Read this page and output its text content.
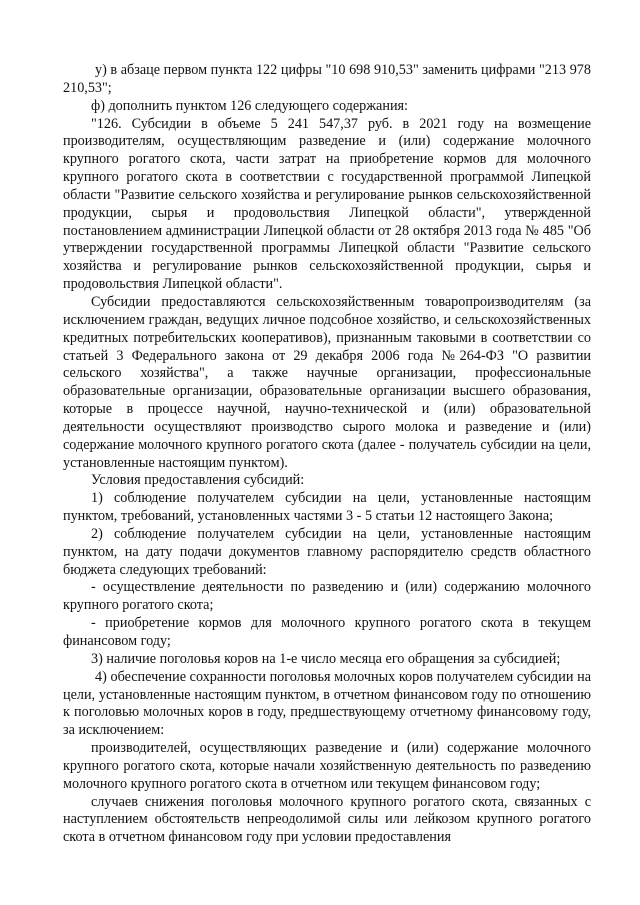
у) в абзаце первом пункта 122 цифры "10 698 910,53" заменить цифрами "213 978 210,53";

ф) дополнить пунктом 126 следующего содержания:

"126. Субсидии в объеме 5 241 547,37 руб. в 2021 году на возмещение производителям, осуществляющим разведение и (или) содержание молочного крупного рогатого скота, части затрат на приобретение кормов для молочного крупного рогатого скота в соответствии с государственной программой Липецкой области "Развитие сельского хозяйства и регулирование рынков сельскохозяйственной продукции, сырья и продовольствия Липецкой области", утвержденной постановлением администрации Липецкой области от 28 октября 2013 года № 485 "Об утверждении государственной программы Липецкой области "Развитие сельского хозяйства и регулирование рынков сельскохозяйственной продукции, сырья и продовольствия Липецкой области".

Субсидии предоставляются сельскохозяйственным товаропроизводителям (за исключением граждан, ведущих личное подсобное хозяйство, и сельскохозяйственных кредитных потребительских кооперативов), признанным таковыми в соответствии со статьей 3 Федерального закона от 29 декабря 2006 года №264-ФЗ "О развитии сельского хозяйства", а также научные организации, профессиональные образовательные организации, образовательные организации высшего образования, которые в процессе научной, научно-технической и (или) образовательной деятельности осуществляют производство сырого молока и разведение и (или) содержание молочного крупного рогатого скота (далее - получатель субсидии на цели, установленные настоящим пунктом).

Условия предоставления субсидий:

1) соблюдение получателем субсидии на цели, установленные настоящим пунктом, требований, установленных частями 3 - 5 статьи 12 настоящего Закона;

2) соблюдение получателем субсидии на цели, установленные настоящим пунктом, на дату подачи документов главному распорядителю средств областного бюджета следующих требований:

- осуществление деятельности по разведению и (или) содержанию молочного крупного рогатого скота;

- приобретение кормов для молочного крупного рогатого скота в текущем финансовом году;

3) наличие поголовья коров на 1-е число месяца его обращения за субсидией;

4) обеспечение сохранности поголовья молочных коров получателем субсидии на цели, установленные настоящим пунктом, в отчетном финансовом году по отношению к поголовью молочных коров в году, предшествующему отчетному финансовому году, за исключением:

производителей, осуществляющих разведение и (или) содержание молочного крупного рогатого скота, которые начали хозяйственную деятельность по разведению молочного крупного рогатого скота в отчетном или текущем финансовом году;

случаев снижения поголовья молочного крупного рогатого скота, связанных с наступлением обстоятельств непреодолимой силы или лейкозом крупного рогатого скота в отчетном финансовом году при условии предоставления
